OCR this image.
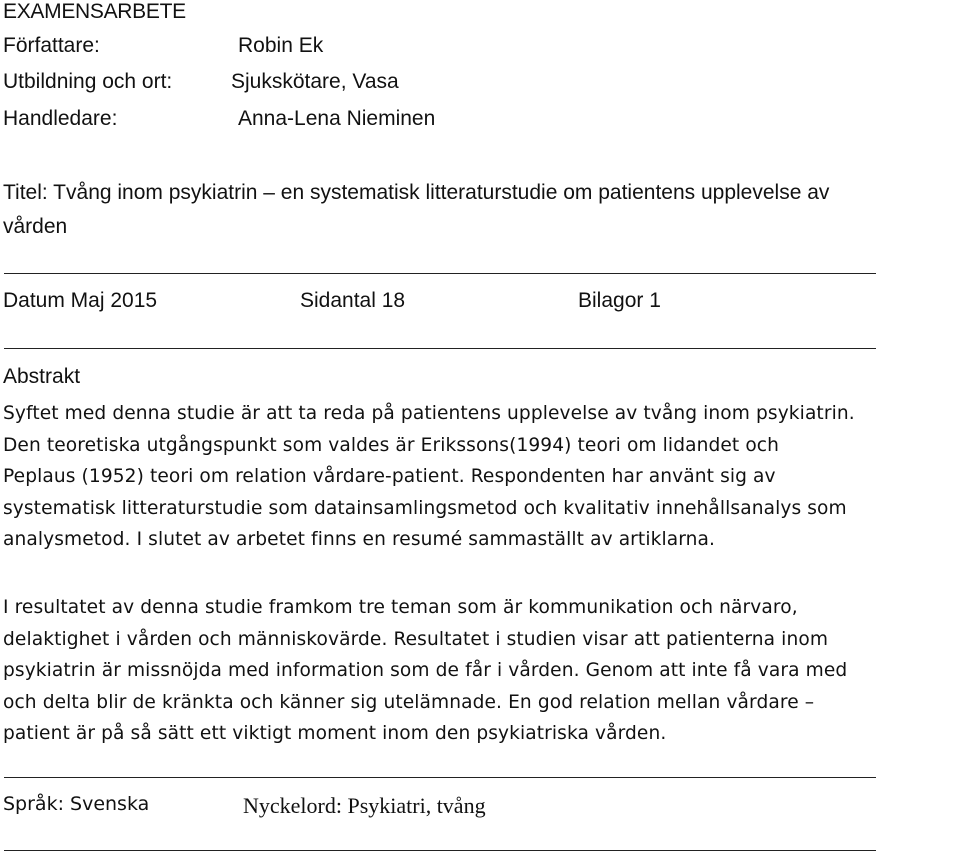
EXAMENSARBETE
Författare:	Robin Ek
Utbildning och ort:	Sjukskötare, Vasa
Handledare:	Anna-Lena Nieminen
Titel: Tvång inom psykiatrin – en systematisk litteraturstudie om patientens upplevelse av
vården
Datum Maj 2015	Sidantal 18	Bilagor 1
Abstrakt
Syftet med denna studie är att ta reda på patientens upplevelse av tvång inom psykiatrin.
Den teoretiska utgångspunkt som valdes är Erikssons(1994) teori om lidandet och
Peplaus (1952) teori om relation vårdare-patient. Respondenten har använt sig av
systematisk litteraturstudie som datainsamlingsmetod och kvalitativ innehållsanalys som
analysmetod. I slutet av arbetet finns en resumé sammaställt av artiklarna.
I resultatet av denna studie framkom tre teman som är kommunikation och närvaro,
delaktighet i vården och människovärde. Resultatet i studien visar att patienterna inom
psykiatrin är missnöjda med information som de får i vården. Genom att inte få vara med
och delta blir de kränkta och känner sig utelämnade. En god relation mellan vårdare –
patient är på så sätt ett viktigt moment inom den psykiatriska vården.
Språk: Svenska	Nyckelord: Psykiatri, tvång
